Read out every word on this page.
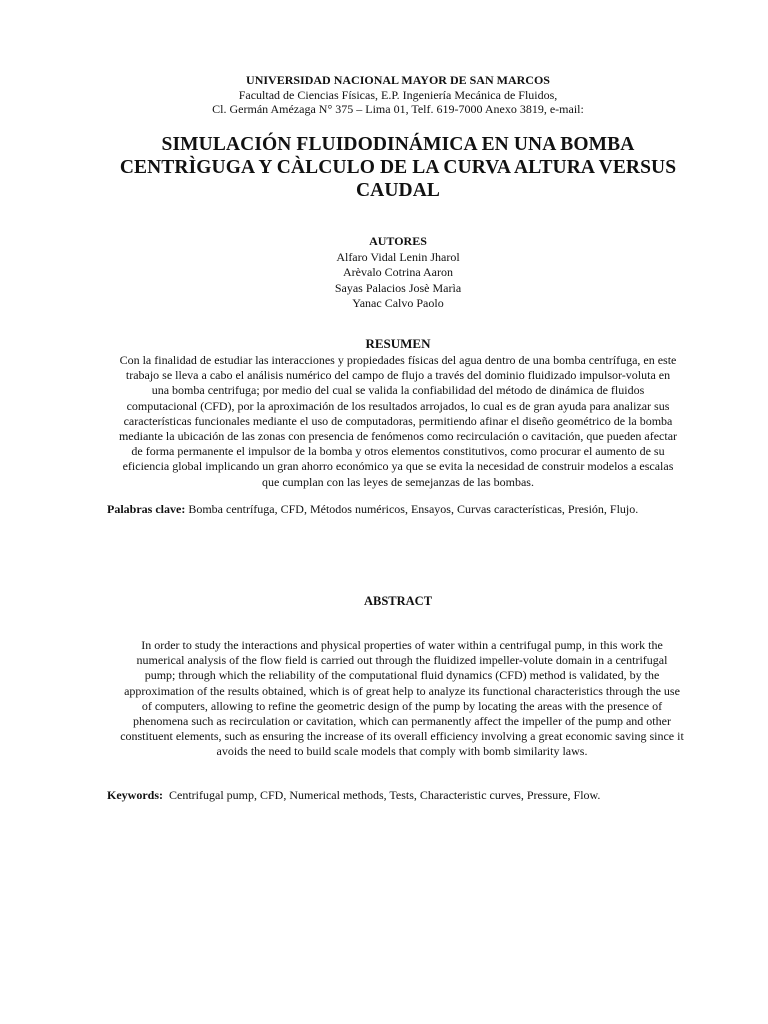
UNIVERSIDAD NACIONAL MAYOR DE SAN MARCOS
Facultad de Ciencias Físicas, E.P. Ingeniería Mecánica de Fluidos,
Cl. Germán Amézaga N° 375 – Lima 01, Telf. 619-7000 Anexo 3819, e-mail:
SIMULACIÓN FLUIDODINÁMICA EN UNA BOMBA
CENTRÌGUGA Y CÀLCULO DE LA CURVA ALTURA VERSUS
CAUDAL
AUTORES
Alfaro Vidal Lenin Jharol
Arèvalo Cotrina Aaron
Sayas Palacios Josè Marìa
Yanac Calvo Paolo
RESUMEN
Con la finalidad de estudiar las interacciones y propiedades físicas del agua dentro de una bomba centrífuga, en este
trabajo se lleva a cabo el análisis numérico del campo de flujo a través del dominio fluidizado impulsor-voluta en
una bomba centrifuga; por medio del cual se valida la confiabilidad del método de dinámica de fluidos
computacional (CFD), por la aproximación de los resultados arrojados, lo cual es de gran ayuda para analizar sus
características funcionales mediante el uso de computadoras, permitiendo afinar el diseño geométrico de la bomba
mediante la ubicación de las zonas con presencia de fenómenos como recirculación o cavitación, que pueden afectar
de forma permanente el impulsor de la bomba y otros elementos constitutivos, como procurar el aumento de su
eficiencia global implicando un gran ahorro económico ya que se evita la necesidad de construir modelos a escalas
que cumplan con las leyes de semejanzas de las bombas.
Palabras clave: Bomba centrífuga, CFD, Métodos numéricos, Ensayos, Curvas características, Presión, Flujo.
ABSTRACT
In order to study the interactions and physical properties of water within a centrifugal pump, in this work the
numerical analysis of the flow field is carried out through the fluidized impeller-volute domain in a centrifugal
pump; through which the reliability of the computational fluid dynamics (CFD) method is validated, by the
approximation of the results obtained, which is of great help to analyze its functional characteristics through the use
of computers, allowing to refine the geometric design of the pump by locating the areas with the presence of
phenomena such as recirculation or cavitation, which can permanently affect the impeller of the pump and other
constituent elements, such as ensuring the increase of its overall efficiency involving a great economic saving since it
avoids the need to build scale models that comply with bomb similarity laws.
Keywords:  Centrifugal pump, CFD, Numerical methods, Tests, Characteristic curves, Pressure, Flow.
